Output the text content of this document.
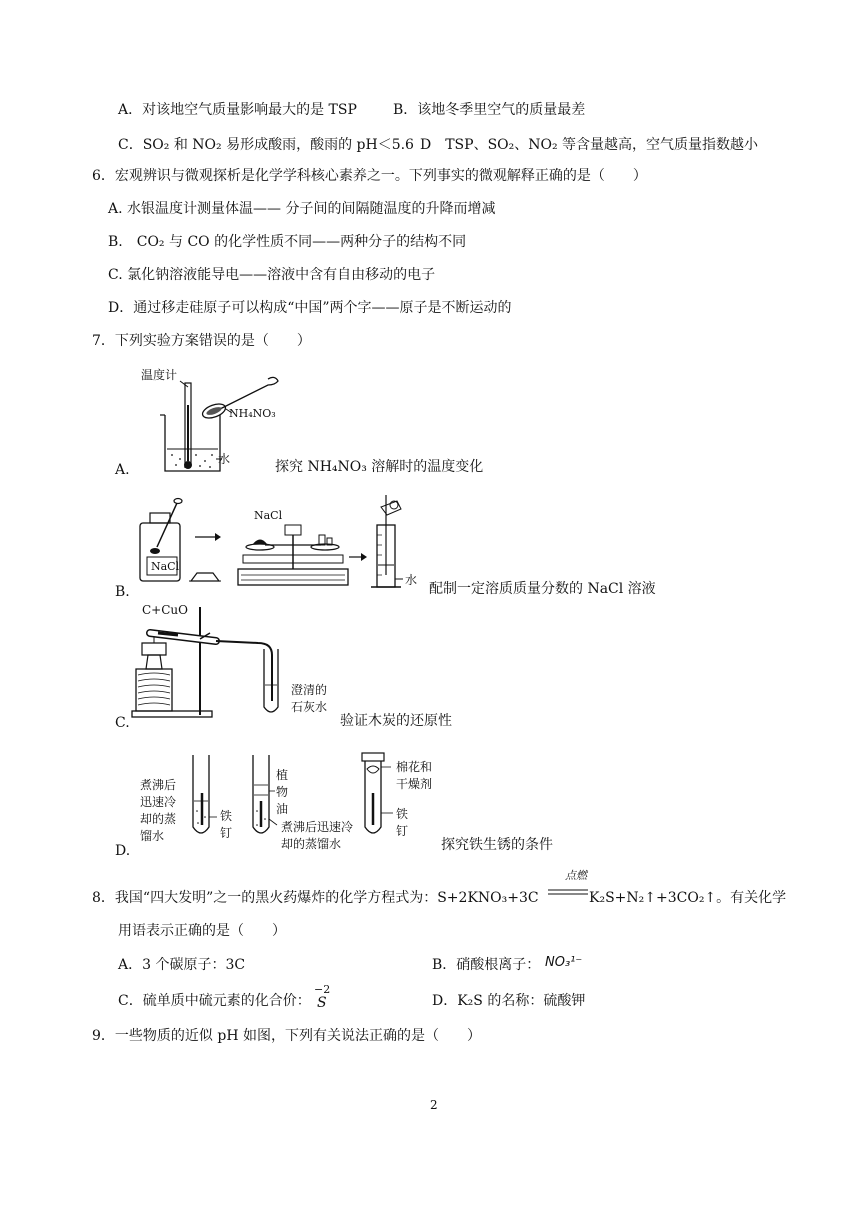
A．对该地空气质量影响最大的是 TSP	B．该地冬季里空气的质量最差
C．SO₂ 和 NO₂ 易形成酸雨，酸雨的 pH＜5.6 D　TSP、SO₂、NO₂ 等含量越高，空气质量指数越小
6．宏观辨识与微观探析是化学学科核心素养之一。下列事实的微观解释正确的是（　　）
A. 水银温度计测量体温—— 分子间的间隔随温度的升降而增减
B.　CO₂ 与 CO 的化学性质不同——两种分子的结构不同
C. 氯化钠溶液能导电——溶液中含有自由移动的电子
D．通过移走硅原子可以构成“中国”两个字——原子是不断运动的
7．下列实验方案错误的是（　　）
温度计
NH₄NO₃
水
A.	探究 NH₄NO₃ 溶解时的温度变化
NaCl
NaCl
水
B.	配制一定溶质质量分数的 NaCl 溶液
C+CuO
澄清的
石灰水
C.	验证木炭的还原性
煮沸后
迅速冷
却的蒸
馏水
铁
钉
植
物
油
煮沸后迅速冷
却的蒸馏水
棉花和
干燥剂
铁
钉
D.	探究铁生锈的条件
8．我国“四大发明”之一的黑火药爆炸的化学方程式为：S+2KNO₃+3C
点燃
K₂S+N₂↑+3CO₂↑。有关化学
用语表示正确的是（　　）
A．3 个碳原子：3C	B．硝酸根离子： NO₃¹⁻
C．硫单质中硫元素的化合价：
−2
S	D．K₂S 的名称：硫酸钾
9．一些物质的近似 pH 如图，下列有关说法正确的是（　　）
2
